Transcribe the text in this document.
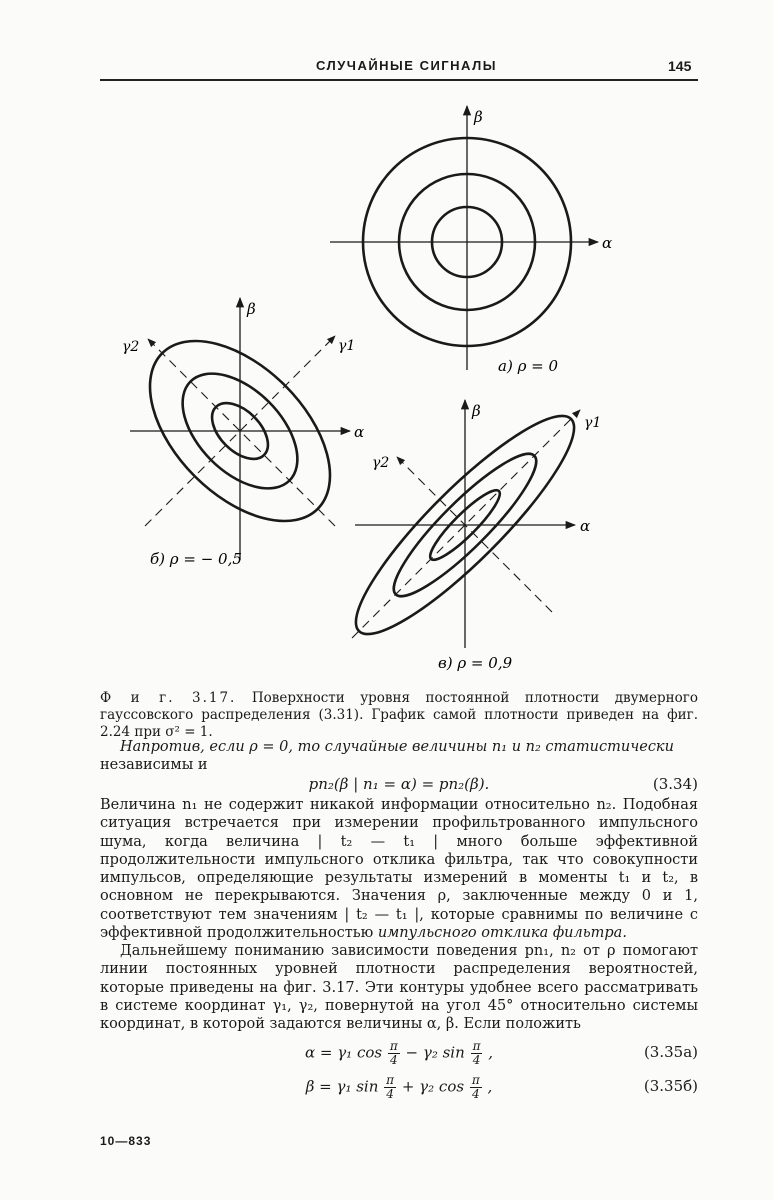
СЛУЧАЙНЫЕ СИГНАЛЫ	145
α
β
а) ρ = 0
α
β
γ1
γ2
б) ρ = − 0,5
α
β
γ1
γ2
в) ρ = 0,9
Ф и г. 3.17. Поверхности уровня постоянной плотности двумерного гауссовского распределения (3.31). График самой плотности приведен на фиг. 2.24 при σ² = 1.
Напротив, если ρ = 0, то случайные величины n₁ и n₂ статистически
независимы и
pn₂(β | n₁ = α) = pn₂(β).	(3.34)
Величина n₁ не содержит никакой информации относительно n₂. Подобная ситуация встречается при измерении профильтрованного импульсного шума, когда величина | t₂ — t₁ | много больше эффективной продолжительности импульсного отклика фильтра, так что совокупности импульсов, определяющие результаты измерений в моменты t₁ и t₂, в основном не перекрываются. Значения ρ, заключенные между 0 и 1, соответствуют тем значениям | t₂ — t₁ |, которые сравнимы по величине с эффективной продолжительностью импульсного отклика фильтра.
Дальнейшему пониманию зависимости поведения pn₁, n₂ от ρ помогают линии постоянных уровней плотности распределения вероятностей, которые приведены на фиг. 3.17. Эти контуры удобнее всего рассматривать в системе координат γ₁, γ₂, повернутой на угол 45° относительно системы координат, в которой задаются величины α, β. Если положить
α = γ₁ $\cos \frac{\pi}{4} - \gamma_2$ $\sin \frac{\pi}{4}$ ,	(3.35а)
β = γ₁ $\sin \frac{\pi}{4} + \gamma_2$ $\cos \frac{\pi}{4}$ ,	(3.35б)
10—833
